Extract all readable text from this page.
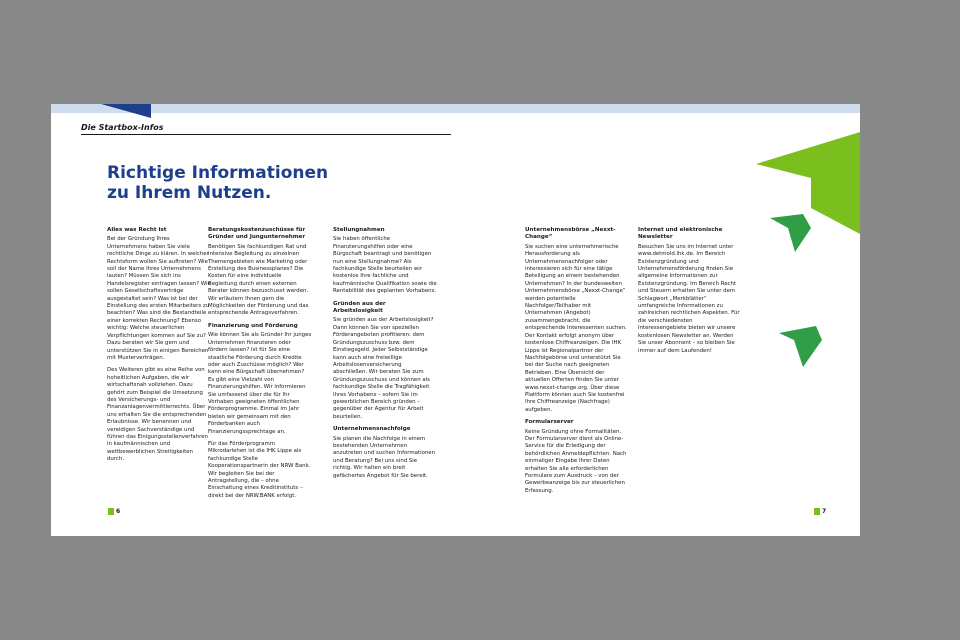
Die Startbox-Infos
Richtige Informationen
zu Ihrem Nutzen.
Alles was Recht ist

Bei der Gründung Ihres Unternehmens haben Sie viele rechtliche Dinge zu klären. In welcher Rechtsform wollen Sie auftreten? Wie soll der Name Ihres Unternehmens lauten? Müssen Sie sich ins Handelsregister eintragen lassen? Wie sollen Gesellschaftsverträge ausgestaltet sein? Was ist bei der Einstellung des ersten Mitarbeiters zu beachten? Was sind die Bestandteile einer korrekten Rechnung? Ebenso wichtig: Welche steuerlichen Verpflichtungen kommen auf Sie zu? Dazu beraten wir Sie gern und unterstützen Sie in einigen Bereichen mit Musterverträgen.

Des Weiteren gibt es eine Reihe von hoheitlichen Aufgaben, die wir wirtschaftsnah vollziehen. Dazu gehört zum Beispiel die Umsetzung des Versicherungs- und Finanzanlagenvermittlerrechts. Über uns erhalten Sie die entsprechenden Erlaubnisse. Wir benennen und vereidigen Sachverständige und führen das Einigungsstellenverfahren in kaufmännischen und wettbewerblichen Streitigkeiten durch.

Beratungskostenzuschüsse für Gründer und Jungunternehmer

Benötigen Sie fachkundigen Rat und intensive Begleitung zu einzelnen Themengebieten wie Marketing oder Erstellung des Businessplanes? Die Kosten für eine individuelle Begleitung durch einen externen Berater können bezuschusst werden. Wir erläutern Ihnen gern die Möglichkeiten der Förderung und das entsprechende Antragsverfahren.

Finanzierung und Förderung

Wie können Sie als Gründer Ihr junges Unternehmen finanzieren oder fördern lassen? Ist für Sie eine staatliche Förderung durch Kredite oder auch Zuschüsse möglich? Wer kann eine Bürgschaft übernehmen? Es gibt eine Vielzahl von Finanzierungshilfen. Wir informieren Sie umfassend über die für Ihr Vorhaben geeigneten öffentlichen Förderprogramme. Einmal im Jahr bieten wir gemeinsam mit den Förderbanken auch Finanzierungssprechtage an.

Für das Förderprogramm Mikrodarlehen ist die IHK Lippe als fachkundige Stelle Kooperationspartnerin der NRW Bank. Wir begleiten Sie bei der Antragstellung, die – ohne Einschaltung eines Kreditinstituts – direkt bei der NRW.BANK erfolgt.

Stellungnahmen

Sie haben öffentliche Finanzierungshilfen oder eine Bürgschaft beantragt und benötigen nun eine Stellungnahme? Als fachkundige Stelle beurteilen wir kostenlos Ihre fachliche und kaufmännische Qualifikation sowie die Rentabilität des geplanten Vorhabens.

Gründen aus der Arbeitslosigkeit

Sie gründen aus der Arbeitslosigkeit? Dann können Sie von speziellen Förderangeboten profitieren: dem Gründungszuschuss bzw. dem Einstiegsgeld. Jeder Selbstständige kann auch eine freiwillige Arbeitslosenversicherung abschließen. Wir beraten Sie zum Gründungszuschuss und können als fachkundige Stelle die Tragfähigkeit Ihres Vorhabens – sofern Sie im gewerblichen Bereich gründen – gegenüber der Agentur für Arbeit beurteilen.

Unternehmensnachfolge

Sie planen die Nachfolge in einem bestehenden Unternehmen anzutreten und suchen Informationen und Beratung? Bei uns sind Sie richtig. Wir halten ein breit gefächertes Angebot für Sie bereit.

Unternehmensbörse „Nexxt-Change“

Sie suchen eine unternehmerische Herausforderung als Unternehmensnachfolger oder interessieren sich für eine tätige Beteiligung an einem bestehenden Unternehmen? In der bundesweiten Unternehmensbörse „Nexxt-Change“ werden potentielle Nachfolger/Teilhaber mit Unternehmen (Angebot) zusammengebracht, die entsprechende Interessenten suchen. Der Kontakt erfolgt anonym über kostenlose Chiffreanzeigen. Die IHK Lippe ist Regionalpartner der Nachfolgebörse und unterstützt Sie bei der Suche nach geeigneten Betrieben. Eine Übersicht der aktuellen Offerten finden Sie unter www.nexxt-change.org. Über diese Plattform können auch Sie kostenfrei Ihre Chiffreanzeige (Nachfrage) aufgeben.

Formularserver

Keine Gründung ohne Formalitäten. Der Formularserver dient als Online-Service für die Erledigung der behördlichen Anmeldepflichten. Nach einmaliger Eingabe Ihrer Daten erhalten Sie alle erforderlichen Formulare zum Ausdruck – von der Gewerbeanzeige bis zur steuerlichen Erfassung.

Internet und elektronische Newsletter

Besuchen Sie uns im Internet unter www.detmold.ihk.de. Im Bereich Existenzgründung und Unternehmensförderung finden Sie allgemeine Informationen zur Existenzgründung. Im Bereich Recht und Steuern erhalten Sie unter dem Schlagwort „Merkblätter“ umfangreiche Informationen zu zahlreichen rechtlichen Aspekten. Für die verschiedensten Interessengebiete bieten wir unsere kostenlosen Newsletter an. Werden Sie unser Abonnent – so bleiben Sie immer auf dem Laufenden!

6	7
